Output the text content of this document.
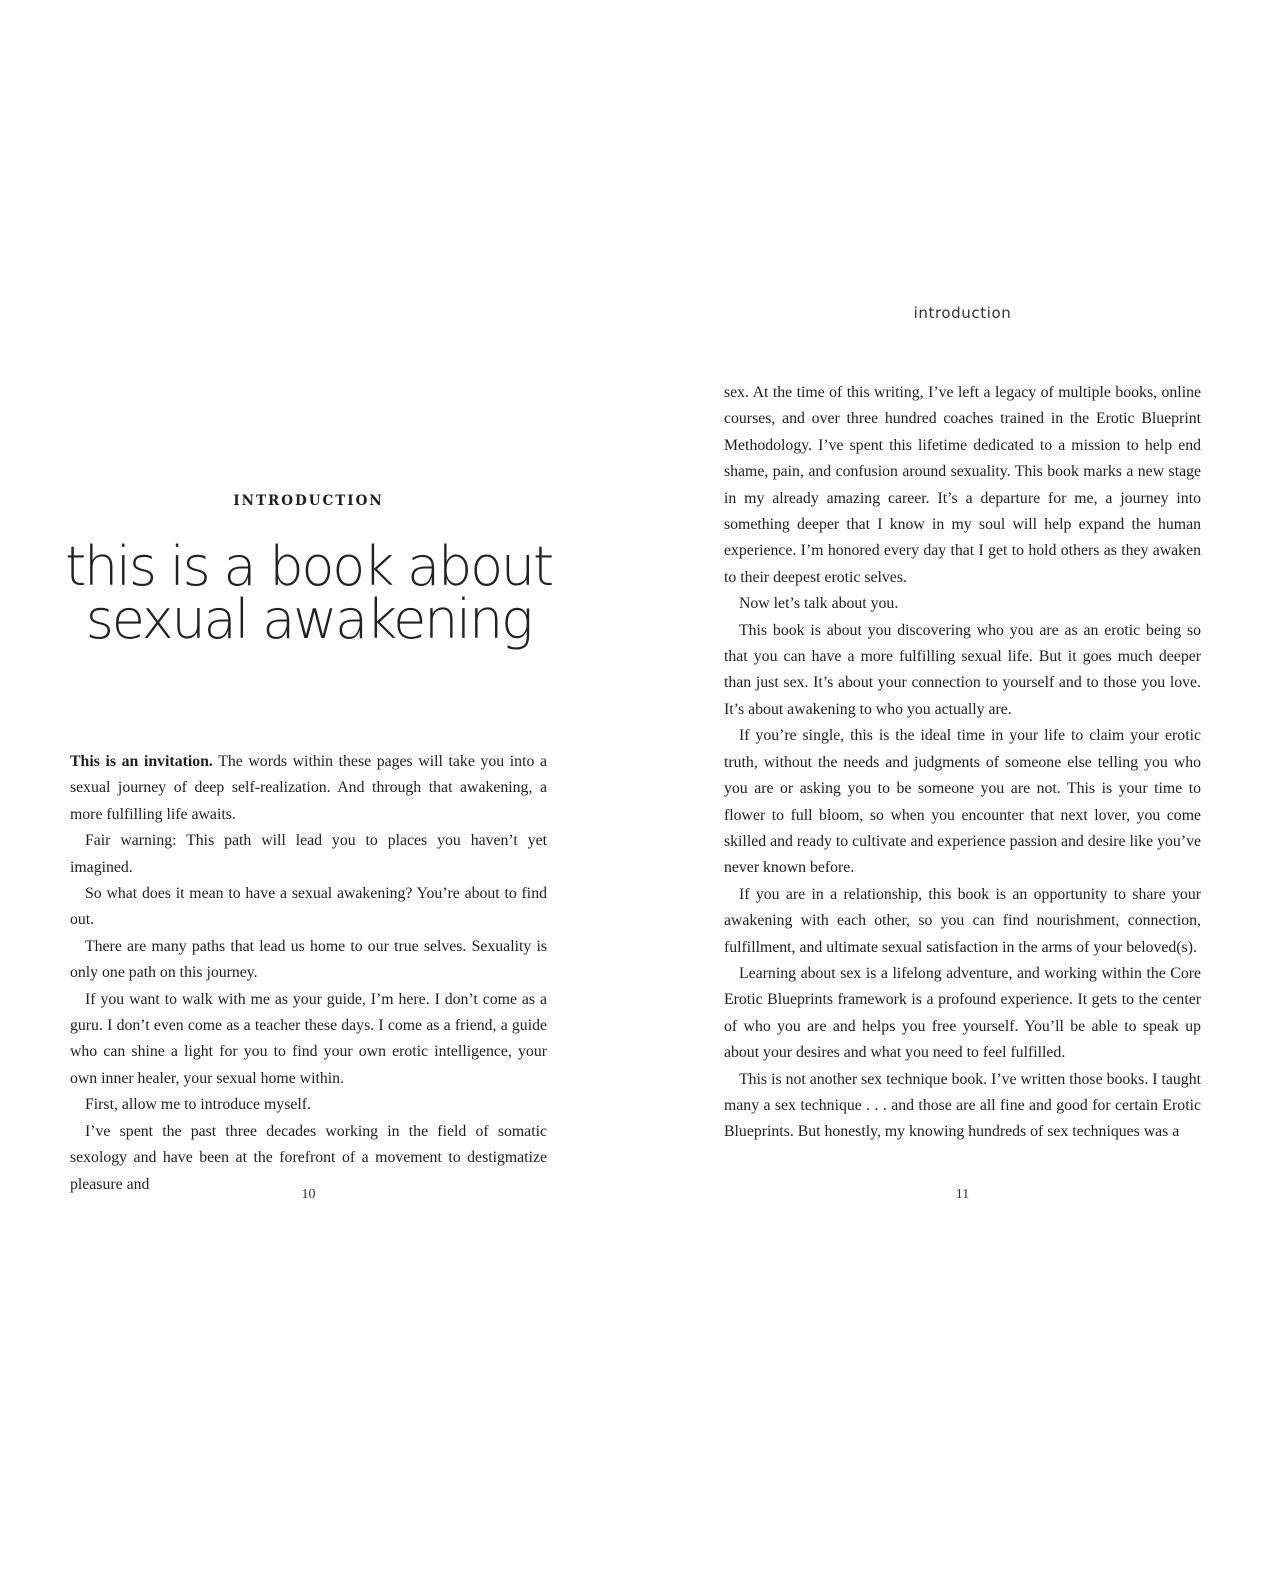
INTRODUCTION
this is a book about
sexual awakening

This is an invitation. The words within these pages will take you into a sexual journey of deep self-realization. And through that awakening, a more fulfilling life awaits.

Fair warning: This path will lead you to places you haven’t yet imagined.

So what does it mean to have a sexual awakening? You’re about to find out.

There are many paths that lead us home to our true selves. Sexuality is only one path on this journey.

If you want to walk with me as your guide, I’m here. I don’t come as a guru. I don’t even come as a teacher these days. I come as a friend, a guide who can shine a light for you to find your own erotic intelligence, your own inner healer, your sexual home within.

First, allow me to introduce myself.

I’ve spent the past three decades working in the field of somatic sexology and have been at the forefront of a movement to destigmatize pleasure and

10
introduction

sex. At the time of this writing, I’ve left a legacy of multiple books, online courses, and over three hundred coaches trained in the Erotic Blueprint Methodology. I’ve spent this lifetime dedicated to a mission to help end shame, pain, and confusion around sexuality. This book marks a new stage in my already amazing career. It’s a departure for me, a journey into something deeper that I know in my soul will help expand the human experience. I’m honored every day that I get to hold others as they awaken to their deepest erotic selves.

Now let’s talk about you.

This book is about you discovering who you are as an erotic being so that you can have a more fulfilling sexual life. But it goes much deeper than just sex. It’s about your connection to yourself and to those you love. It’s about awakening to who you actually are.

If you’re single, this is the ideal time in your life to claim your erotic truth, without the needs and judgments of someone else telling you who you are or asking you to be someone you are not. This is your time to flower to full bloom, so when you encounter that next lover, you come skilled and ready to cultivate and experience passion and desire like you’ve never known before.

If you are in a relationship, this book is an opportunity to share your awakening with each other, so you can find nourishment, connection, fulfillment, and ultimate sexual satisfaction in the arms of your beloved(s).

Learning about sex is a lifelong adventure, and working within the Core Erotic Blueprints framework is a profound experience. It gets to the center of who you are and helps you free yourself. You’ll be able to speak up about your desires and what you need to feel fulfilled.

This is not another sex technique book. I’ve written those books. I taught many a sex technique . . . and those are all fine and good for certain Erotic Blueprints. But honestly, my knowing hundreds of sex techniques was a

11
